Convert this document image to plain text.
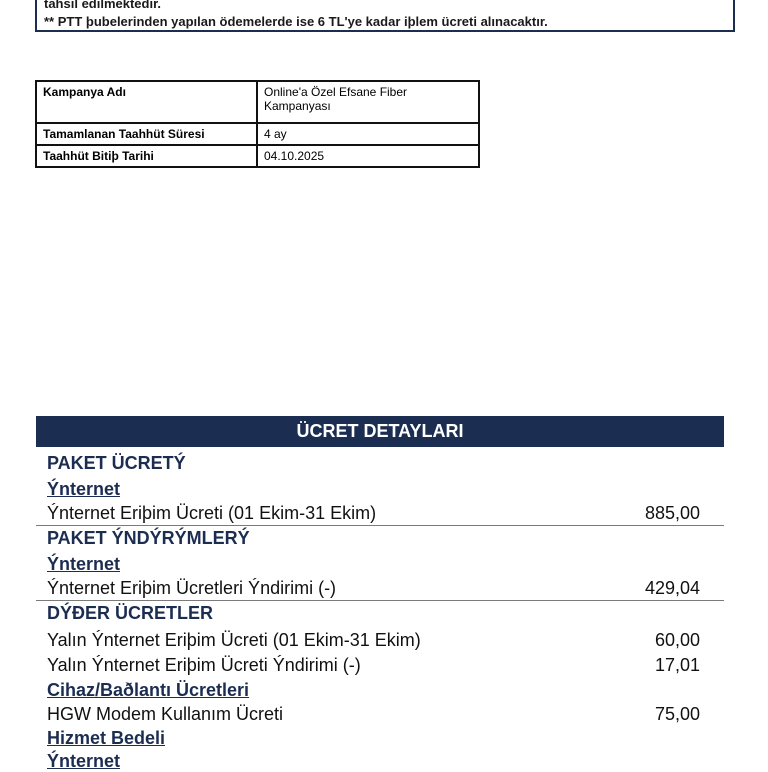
tahsil edilmektedir.
** PTT þubelerinden yapılan ödemelerde ise 6 TL'ye kadar iþlem ücreti alınacaktır.
Kampanya Adı	Online'a Özel Efsane Fiber
Kampanyası

Tamamlanan Taahhüt Süresi	4 ay
Taahhüt Bitiþ Tarihi	04.10.2025
ÜCRET DETAYLARI
PAKET ÜCRETÝ
Ýnternet
Ýnternet Eriþim Ücreti (01 Ekim-31 Ekim)	885,00
PAKET ÝNDÝRÝMLERÝ
Ýnternet
Ýnternet Eriþim Ücretleri Ýndirimi (-)	429,04
DÝÐER ÜCRETLER
Yalın Ýnternet Eriþim Ücreti (01 Ekim-31 Ekim)	60,00
Yalın Ýnternet Eriþim Ücreti Ýndirimi (-)	17,01
Cihaz/Baðlantı Ücretleri
HGW Modem Kullanım Ücreti	75,00
Hizmet Bedeli
Ýnternet
